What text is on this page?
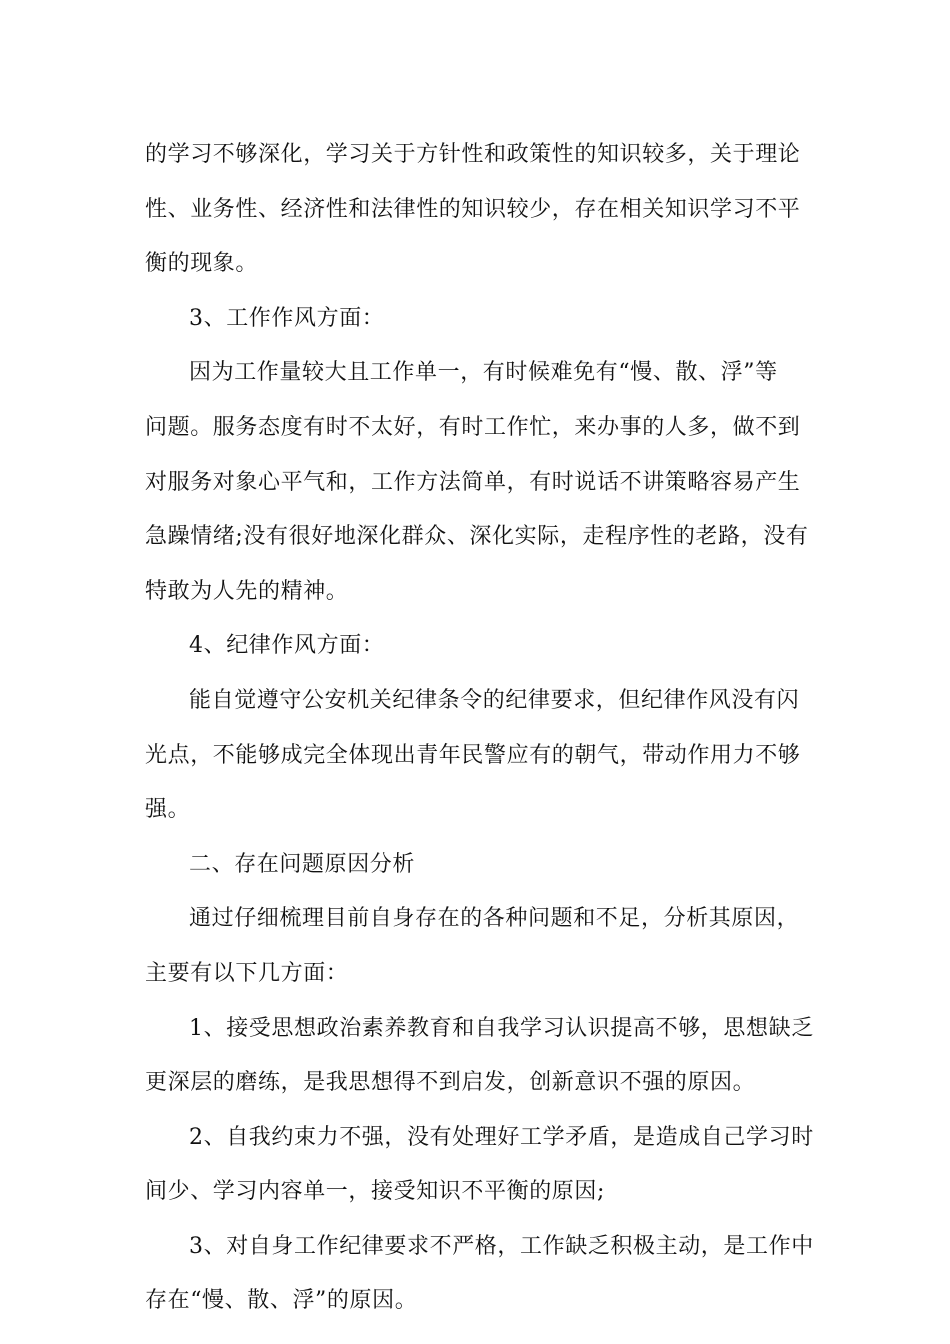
的学习不够深化，学习关于方针性和政策性的知识较多，关于理论
性、业务性、经济性和法律性的知识较少，存在相关知识学习不平
衡的现象。
3、工作作风方面：
因为工作量较大且工作单一，有时候难免有“慢、散、浮”等
问题。服务态度有时不太好，有时工作忙，来办事的人多，做不到
对服务对象心平气和，工作方法简单，有时说话不讲策略容易产生
急躁情绪;没有很好地深化群众、深化实际，走程序性的老路，没有
特敢为人先的精神。
4、纪律作风方面：
能自觉遵守公安机关纪律条令的纪律要求，但纪律作风没有闪
光点，不能够成完全体现出青年民警应有的朝气，带动作用力不够
强。
二、存在问题原因分析
通过仔细梳理目前自身存在的各种问题和不足，分析其原因，
主要有以下几方面：
1、接受思想政治素养教育和自我学习认识提高不够，思想缺乏
更深层的磨练，是我思想得不到启发，创新意识不强的原因。
2、自我约束力不强，没有处理好工学矛盾，是造成自己学习时
间少、学习内容单一，接受知识不平衡的原因;
3、对自身工作纪律要求不严格，工作缺乏积极主动，是工作中
存在“慢、散、浮”的原因。
